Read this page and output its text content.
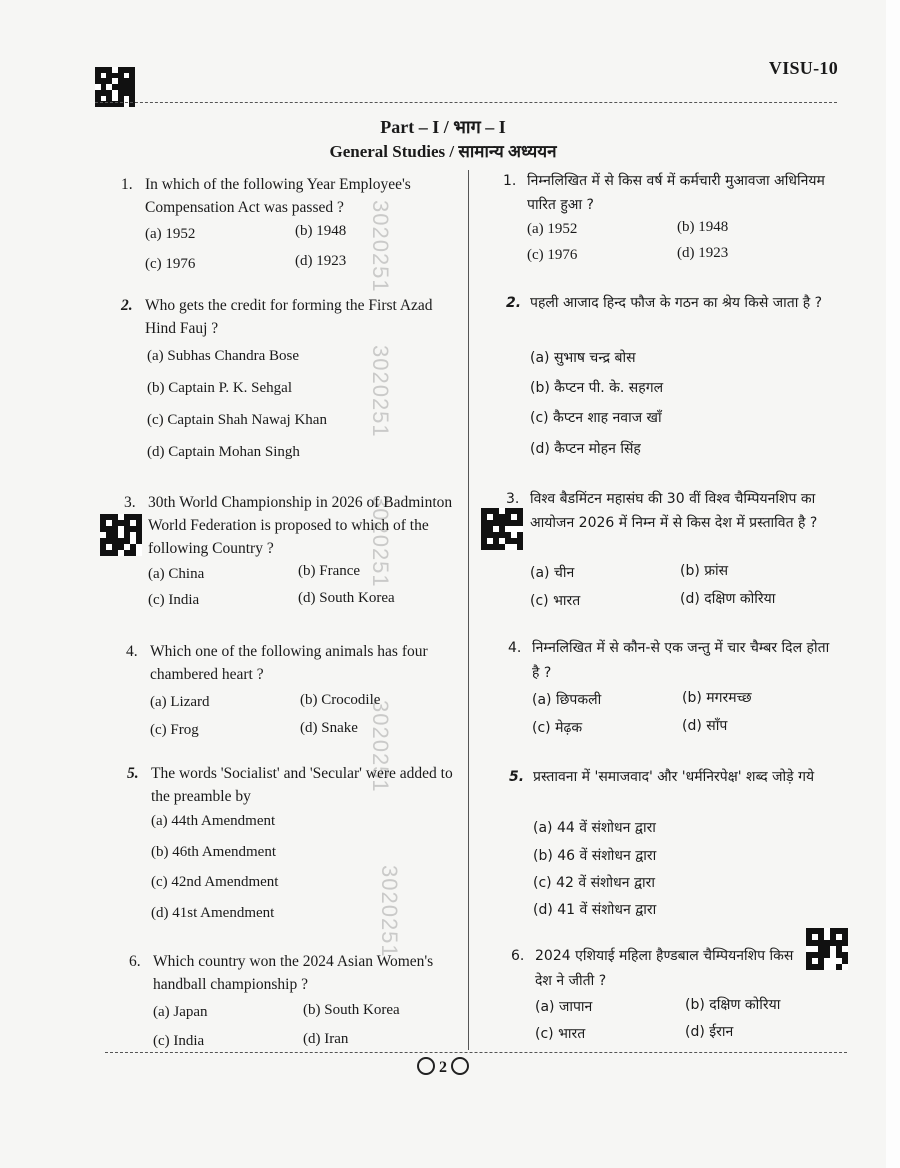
VISU-10
Part – I / भाग – I
General Studies / सामान्य अध्ययन
3020251
3020251
3020251
3020251
3020251
1. In which of the following Year Employee's Compensation Act was passed ?
(a) 1952	(b) 1948
(c) 1976	(d) 1923
2. Who gets the credit for forming the First Azad Hind Fauj ?
(a) Subhas Chandra Bose
(b) Captain P. K. Sehgal
(c) Captain Shah Nawaj Khan
(d) Captain Mohan Singh
3. 30th World Championship in 2026 of Badminton World Federation is proposed to which of the following Country ?
(a) China	(b) France
(c) India	(d) South Korea
4. Which one of the following animals has four chambered heart ?
(a) Lizard	(b) Crocodile
(c) Frog	(d) Snake
5. The words 'Socialist' and 'Secular' were added to the preamble by
(a) 44th Amendment
(b) 46th Amendment
(c) 42nd Amendment
(d) 41st Amendment
6. Which country won the 2024 Asian Women's handball championship ?
(a) Japan	(b) South Korea
(c) India	(d) Iran
1. निम्नलिखित में से किस वर्ष में कर्मचारी मुआवजा अधिनियम पारित हुआ ?
(a) 1952	(b) 1948
(c) 1976	(d) 1923
2. पहली आजाद हिन्द फौज के गठन का श्रेय किसे जाता है ?
(a) सुभाष चन्द्र बोस
(b) कैप्टन पी. के. सहगल
(c) कैप्टन शाह नवाज खाँ
(d) कैप्टन मोहन सिंह
3. विश्व बैडमिंटन महासंघ की 30 वीं विश्व चैम्पियनशिप का आयोजन 2026 में निम्न में से किस देश में प्रस्तावित है ?
(a) चीन	(b) फ्रांस
(c) भारत	(d) दक्षिण कोरिया
4. निम्नलिखित में से कौन-से एक जन्तु में चार चैम्बर दिल होता है ?
(a) छिपकली	(b) मगरमच्छ
(c) मेढ़क	(d) साँप
5. प्रस्तावना में 'समाजवाद' और 'धर्मनिरपेक्ष' शब्द जोड़े गये
(a) 44 वें संशोधन द्वारा
(b) 46 वें संशोधन द्वारा
(c) 42 वें संशोधन द्वारा
(d) 41 वें संशोधन द्वारा
6. 2024 एशियाई महिला हैण्डबाल चैम्पियनशिप किस देश ने जीती ?
(a) जापान	(b) दक्षिण कोरिया
(c) भारत	(d) ईरान
2
